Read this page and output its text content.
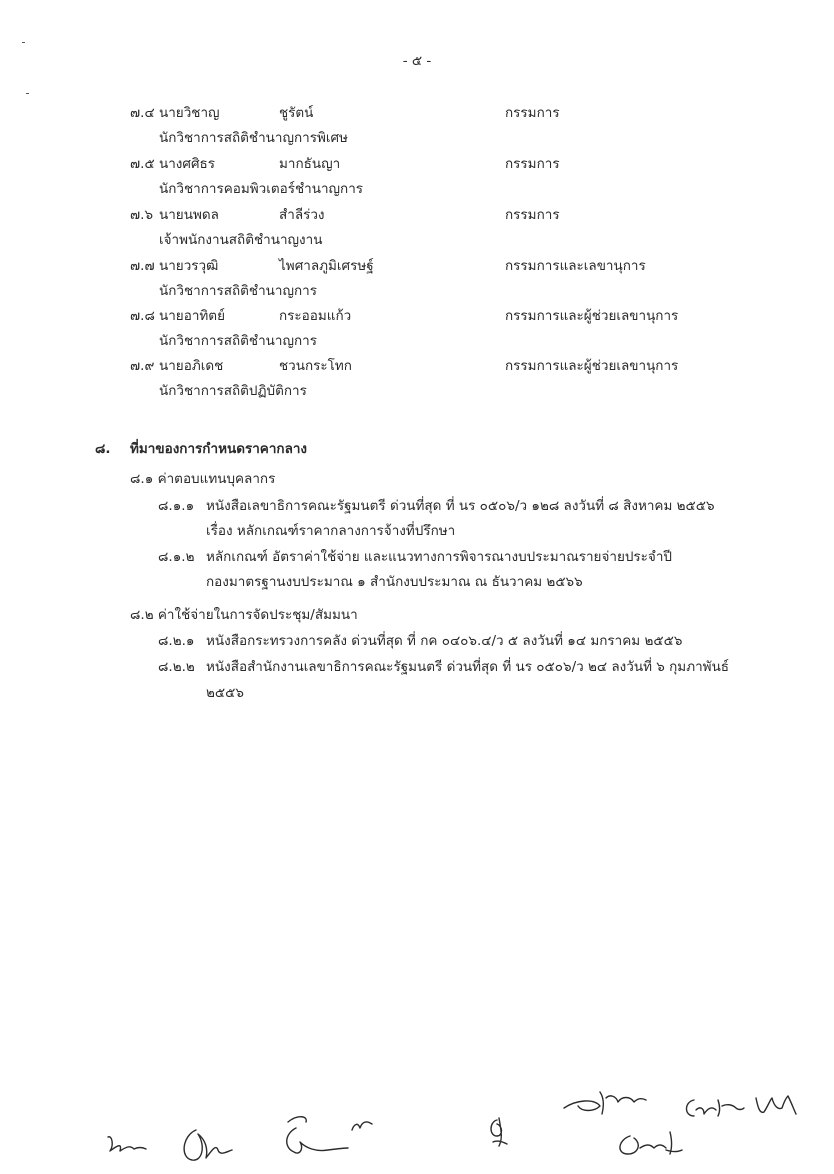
- ๕ -
๗.๔ นายวิชาญ	ชูรัตน์	กรรมการ
นักวิชาการสถิติชำนาญการพิเศษ
๗.๕ นางศศิธร	มากธันญา	กรรมการ
นักวิชาการคอมพิวเตอร์ชำนาญการ
๗.๖ นายนพดล	สำลีร่วง	กรรมการ
เจ้าพนักงานสถิติชำนาญงาน
๗.๗ นายวรวุฒิ	ไพศาลภูมิเศรษฐ์	กรรมการและเลขานุการ
นักวิชาการสถิติชำนาญการ
๗.๘ นายอาทิตย์	กระออมแก้ว	กรรมการและผู้ช่วยเลขานุการ
นักวิชาการสถิติชำนาญการ
๗.๙ นายอภิเดช	ชวนกระโทก	กรรมการและผู้ช่วยเลขานุการ
นักวิชาการสถิติปฏิบัติการ
๘. ที่มาของการกำหนดราคากลาง
๘.๑ ค่าตอบแทนบุคลากร
๘.๑.๑ หนังสือเลขาธิการคณะรัฐมนตรี ด่วนที่สุด ที่ นร ๐๕๐๖/ว ๑๒๘ ลงวันที่ ๘ สิงหาคม ๒๕๕๖
เรื่อง หลักเกณฑ์ราคากลางการจ้างที่ปรึกษา
๘.๑.๒ หลักเกณฑ์ อัตราค่าใช้จ่าย และแนวทางการพิจารณางบประมาณรายจ่ายประจำปี
กองมาตรฐานงบประมาณ ๑ สำนักงบประมาณ ณ ธันวาคม ๒๕๖๖
๘.๒ ค่าใช้จ่ายในการจัดประชุม/สัมมนา
๘.๒.๑ หนังสือกระทรวงการคลัง ด่วนที่สุด ที่ กค ๐๔๐๖.๔/ว ๕ ลงวันที่ ๑๔ มกราคม ๒๕๕๖
๘.๒.๒ หนังสือสำนักงานเลขาธิการคณะรัฐมนตรี ด่วนที่สุด ที่ นร ๐๕๐๖/ว ๒๔ ลงวันที่ ๖ กุมภาพันธ์
๒๕๕๖
